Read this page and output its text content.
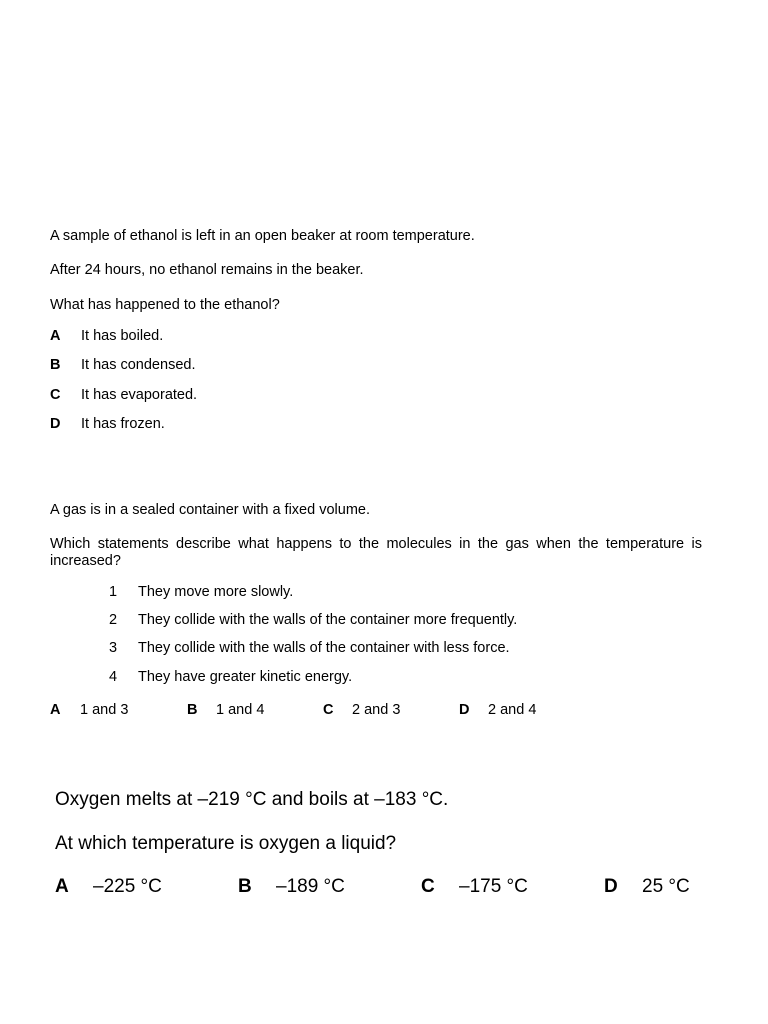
A sample of ethanol is left in an open beaker at room temperature.
After 24 hours, no ethanol remains in the beaker.
What has happened to the ethanol?
A It has boiled.
B It has condensed.
C It has evaporated.
D It has frozen.
A gas is in a sealed container with a fixed volume.
Which statements describe what happens to the molecules in the gas when the temperature is increased?
1 They move more slowly.
2 They collide with the walls of the container more frequently.
3 They collide with the walls of the container with less force.
4 They have greater kinetic energy.
A 1 and 3	B 1 and 4	C 2 and 3	D 2 and 4
Oxygen melts at –219 °C and boils at –183 °C.
At which temperature is oxygen a liquid?
A –225 °C	B –189 °C	C –175 °C	D 25 °C
